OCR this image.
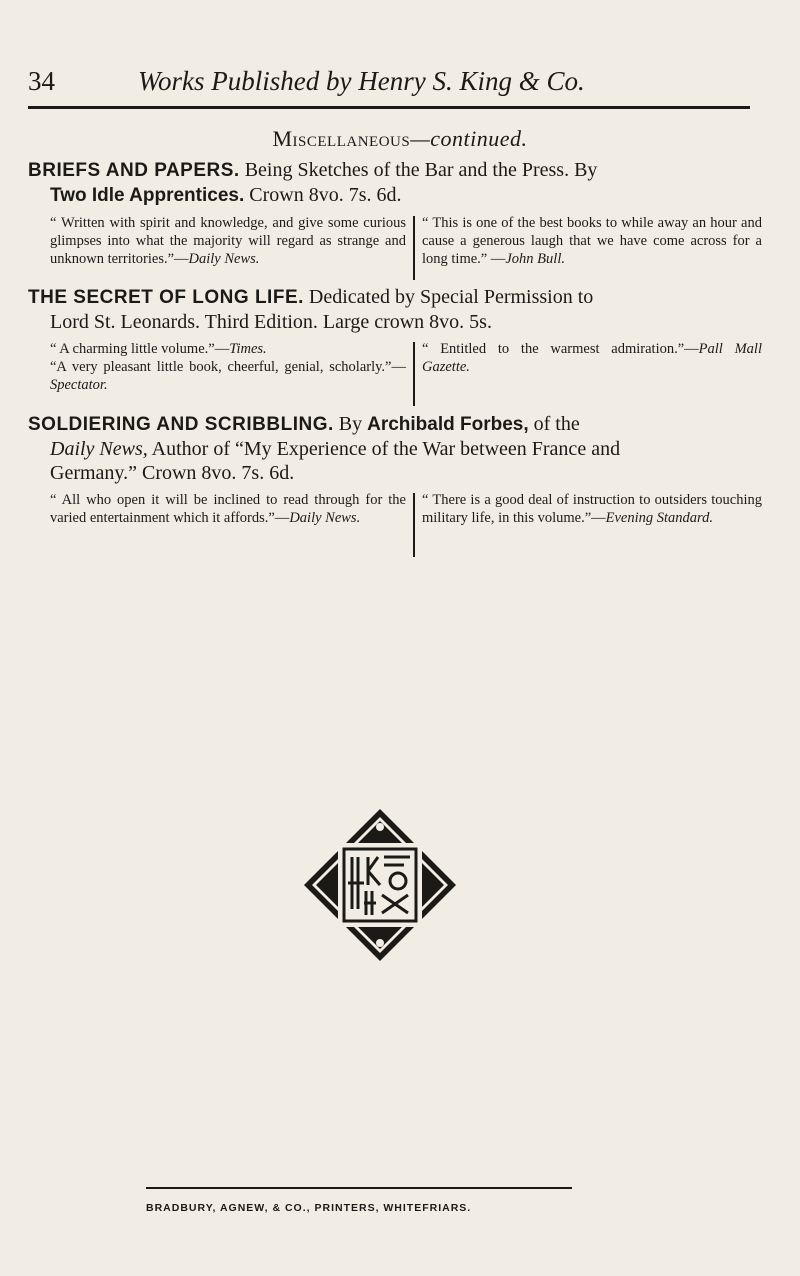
34	Works Published by Henry S. King & Co.
Miscellaneous—continued.
BRIEFS AND PAPERS. Being Sketches of the Bar and the Press. By
Two Idle Apprentices. Crown 8vo. 7s. 6d.
“ Written with spirit and knowledge, and give some curious glimpses into what the majority will regard as strange and unknown territories.”—Daily News.
“ This is one of the best books to while away an hour and cause a generous laugh that we have come across for a long time.” —John Bull.
THE SECRET OF LONG LIFE. Dedicated by Special Permission to
Lord St. Leonards. Third Edition. Large crown 8vo. 5s.
“ A charming little volume.”—Times.
“A very pleasant little book, cheerful, genial, scholarly.”—Spectator.
“ Entitled to the warmest admiration.”—Pall Mall Gazette.
SOLDIERING AND SCRIBBLING. By Archibald Forbes, of the
Daily News, Author of “My Experience of the War between France and
Germany.” Crown 8vo. 7s. 6d.
“ All who open it will be inclined to read through for the varied entertainment which it affords.”—Daily News.
“ There is a good deal of instruction to outsiders touching military life, in this volume.”—Evening Standard.
BRADBURY, AGNEW, & CO., PRINTERS, WHITEFRIARS.
